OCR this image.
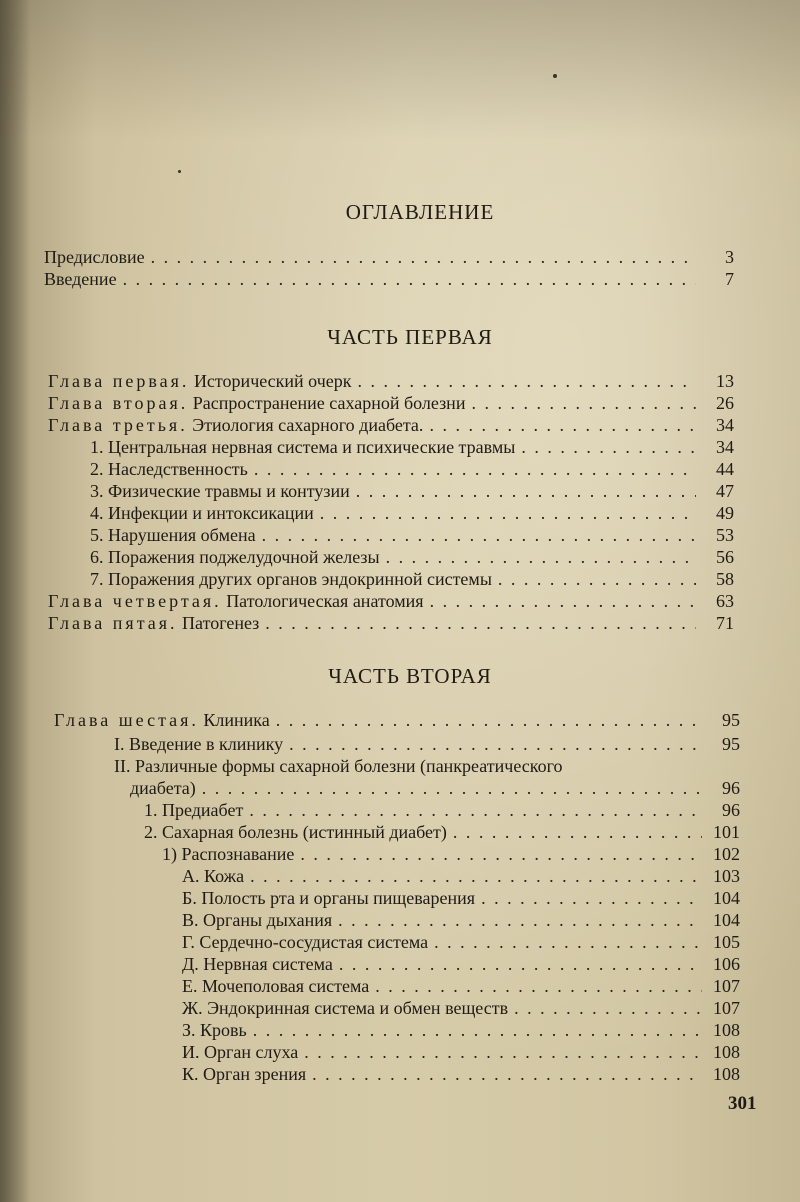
ОГЛАВЛЕНИЕ
Предисловие . . .	3
Введение . . .	7
ЧАСТЬ ПЕРВАЯ
Глава первая. Исторический очерк . . .	13
Глава вторая. Распространение сахарной болезни . . .	26
Глава третья. Этиология сахарного диабета. . . .	34
1. Центральная нервная система и психические травмы . . .	34
2. Наследственность . . .	44
3. Физические травмы и контузии . . .	47
4. Инфекции и интоксикации . . .	49
5. Нарушения обмена . . .	53
6. Поражения поджелудочной железы . . .	56
7. Поражения других органов эндокринной системы . . .	58
Глава четвертая. Патологическая анатомия . . .	63
Глава пятая. Патогенез . . .	71
ЧАСТЬ ВТОРАЯ
Глава шестая. Клиника . . .	95
I. Введение в клинику . . .	95
II. Различные формы сахарной болезни (панкреатического
диабета) . . .	96
1. Предиабет . . .	96
2. Сахарная болезнь (истинный диабет) . . .	101
1) Распознавание . . .	102
А. Кожа . . .	103
Б. Полость рта и органы пищеварения . . .	104
В. Органы дыхания . . .	104
Г. Сердечно-сосудистая система . . .	105
Д. Нервная система . . .	106
Е. Мочеполовая система . . .	107
Ж. Эндокринная система и обмен веществ . . .	107
З. Кровь . . .	108
И. Орган слуха . . .	108
К. Орган зрения . . .	108
301
